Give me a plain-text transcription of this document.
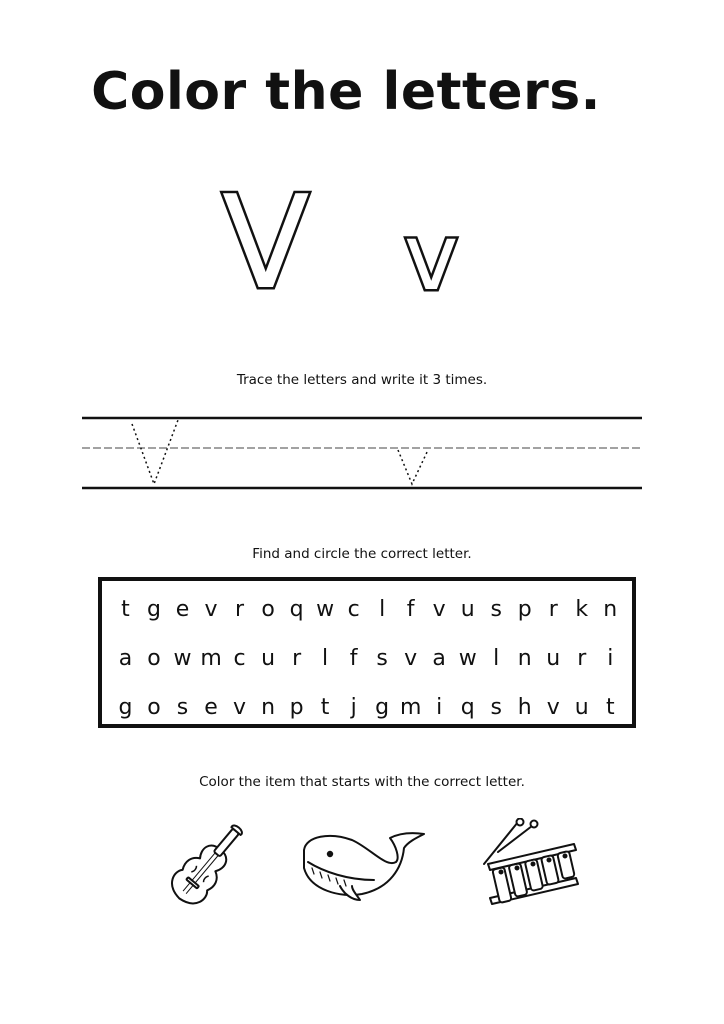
Color the letters.
V v
Trace the letters and write it 3 times.
Find and circle the correct letter.
t g e v r o q w c l f v u s p r k n
a o w m c u r l f s v a w l n u r i
g o s e v n p t j g m i q s h v u t
Color the item that starts with the correct letter.
